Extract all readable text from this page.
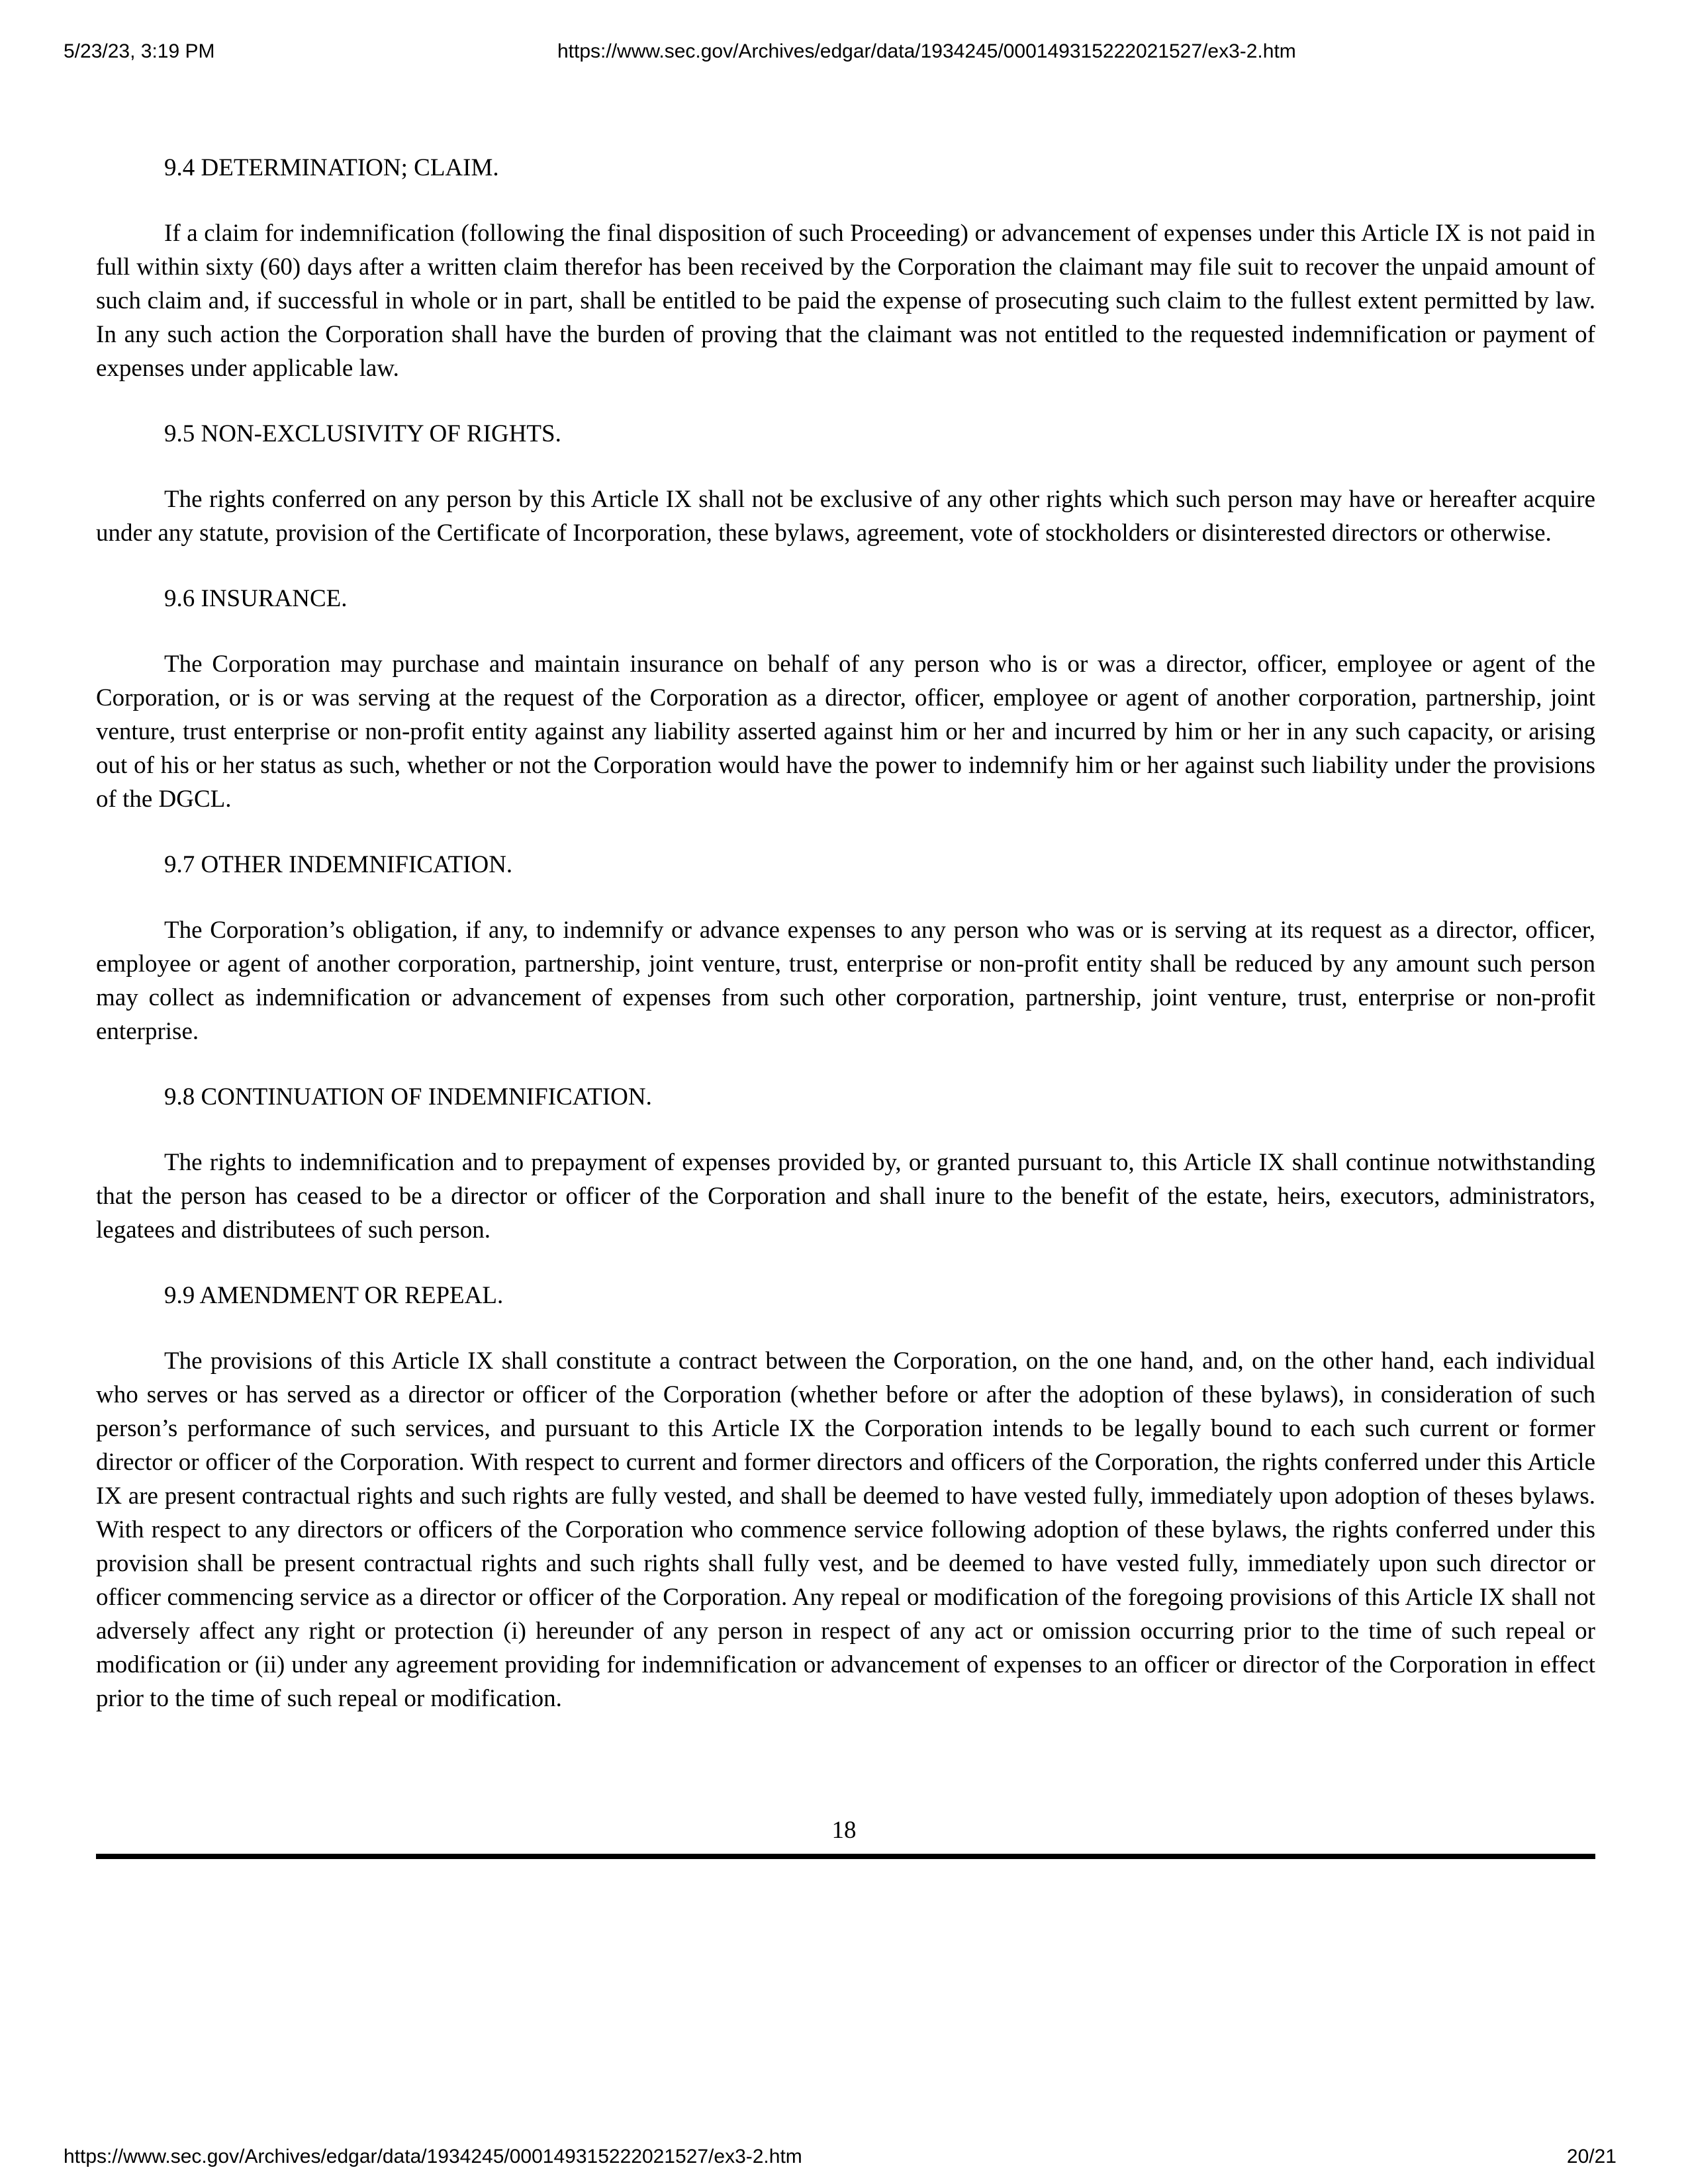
5/23/23, 3:19 PM	https://www.sec.gov/Archives/edgar/data/1934245/000149315222021527/ex3-2.htm

9.4 DETERMINATION; CLAIM.

If a claim for indemnification (following the final disposition of such Proceeding) or advancement of expenses under this Article IX is not paid in full within sixty (60) days after a written claim therefor has been received by the Corporation the claimant may file suit to recover the unpaid amount of such claim and, if successful in whole or in part, shall be entitled to be paid the expense of prosecuting such claim to the fullest extent permitted by law. In any such action the Corporation shall have the burden of proving that the claimant was not entitled to the requested indemnification or payment of expenses under applicable law.

9.5 NON-EXCLUSIVITY OF RIGHTS.

The rights conferred on any person by this Article IX shall not be exclusive of any other rights which such person may have or hereafter acquire under any statute, provision of the Certificate of Incorporation, these bylaws, agreement, vote of stockholders or disinterested directors or otherwise.

9.6 INSURANCE.

The Corporation may purchase and maintain insurance on behalf of any person who is or was a director, officer, employee or agent of the Corporation, or is or was serving at the request of the Corporation as a director, officer, employee or agent of another corporation, partnership, joint venture, trust enterprise or non-profit entity against any liability asserted against him or her and incurred by him or her in any such capacity, or arising out of his or her status as such, whether or not the Corporation would have the power to indemnify him or her against such liability under the provisions of the DGCL.

9.7 OTHER INDEMNIFICATION.

The Corporation’s obligation, if any, to indemnify or advance expenses to any person who was or is serving at its request as a director, officer, employee or agent of another corporation, partnership, joint venture, trust, enterprise or non-profit entity shall be reduced by any amount such person may collect as indemnification or advancement of expenses from such other corporation, partnership, joint venture, trust, enterprise or non-profit enterprise.

9.8 CONTINUATION OF INDEMNIFICATION.

The rights to indemnification and to prepayment of expenses provided by, or granted pursuant to, this Article IX shall continue notwithstanding that the person has ceased to be a director or officer of the Corporation and shall inure to the benefit of the estate, heirs, executors, administrators, legatees and distributees of such person.

9.9 AMENDMENT OR REPEAL.

The provisions of this Article IX shall constitute a contract between the Corporation, on the one hand, and, on the other hand, each individual who serves or has served as a director or officer of the Corporation (whether before or after the adoption of these bylaws), in consideration of such person’s performance of such services, and pursuant to this Article IX the Corporation intends to be legally bound to each such current or former director or officer of the Corporation. With respect to current and former directors and officers of the Corporation, the rights conferred under this Article IX are present contractual rights and such rights are fully vested, and shall be deemed to have vested fully, immediately upon adoption of theses bylaws. With respect to any directors or officers of the Corporation who commence service following adoption of these bylaws, the rights conferred under this provision shall be present contractual rights and such rights shall fully vest, and be deemed to have vested fully, immediately upon such director or officer commencing service as a director or officer of the Corporation. Any repeal or modification of the foregoing provisions of this Article IX shall not adversely affect any right or protection (i) hereunder of any person in respect of any act or omission occurring prior to the time of such repeal or modification or (ii) under any agreement providing for indemnification or advancement of expenses to an officer or director of the Corporation in effect prior to the time of such repeal or modification.

18
https://www.sec.gov/Archives/edgar/data/1934245/000149315222021527/ex3-2.htm	20/21
